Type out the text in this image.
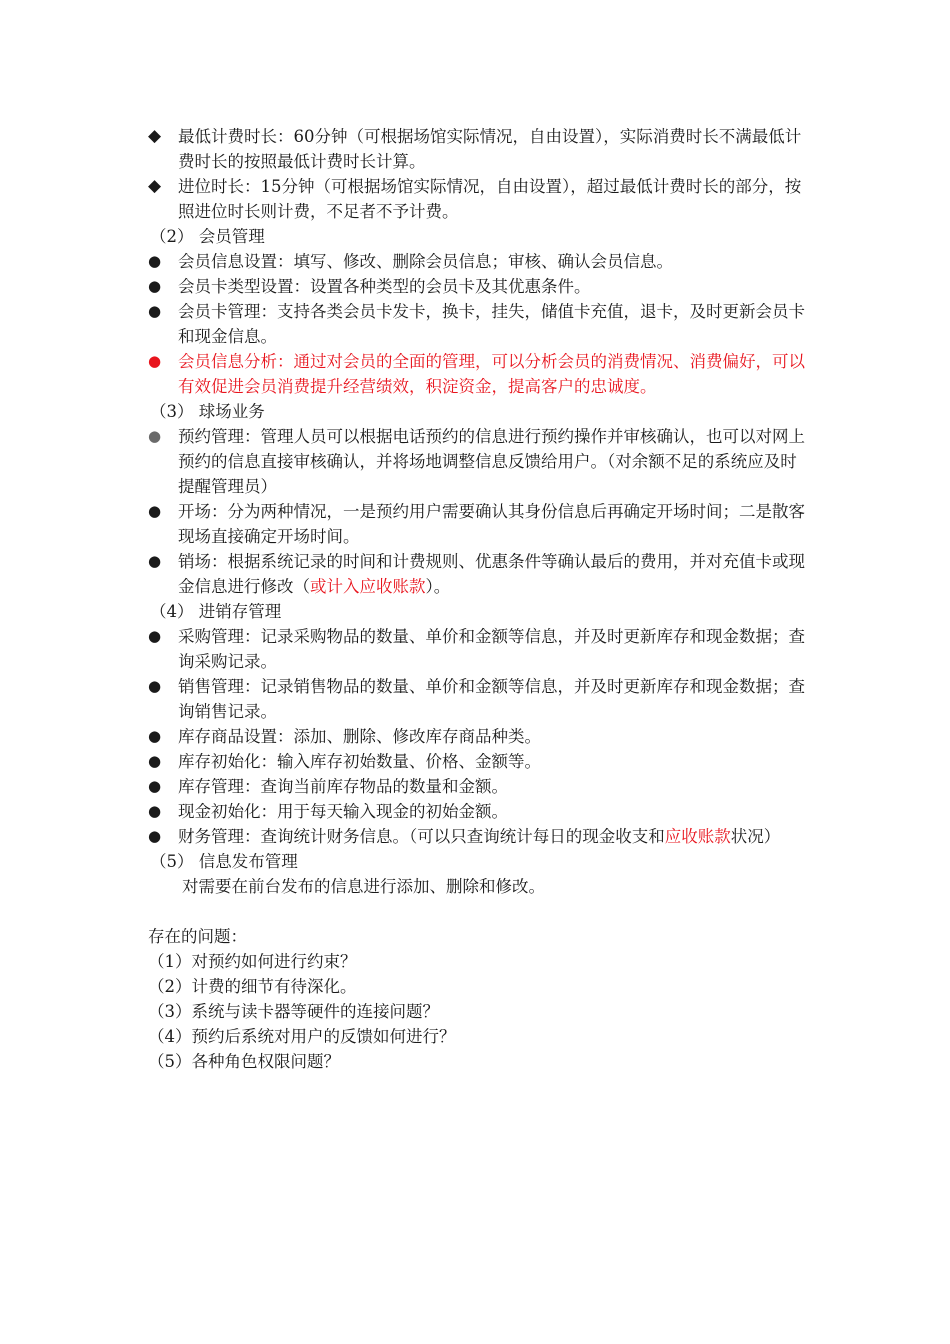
◆	最低计费时长：60分钟（可根据场馆实际情况，自由设置），实际消费时长不满最低计费时长的按照最低计费时长计算。

◆	进位时长：15分钟（可根据场馆实际情况，自由设置），超过最低计费时长的部分，按照进位时长则计费，不足者不予计费。

（2） 会员管理

●	会员信息设置：填写、修改、删除会员信息；审核、确认会员信息。

●	会员卡类型设置：设置各种类型的会员卡及其优惠条件。

●	会员卡管理：支持各类会员卡发卡，换卡，挂失，储值卡充值，退卡，及时更新会员卡和现金信息。

●	会员信息分析：通过对会员的全面的管理，可以分析会员的消费情况、消费偏好，可以有效促进会员消费提升经营绩效，积淀资金，提高客户的忠诚度。

（3） 球场业务

●	预约管理：管理人员可以根据电话预约的信息进行预约操作并审核确认，也可以对网上预约的信息直接审核确认，并将场地调整信息反馈给用户。（对余额不足的系统应及时提醒管理员）

●	开场：分为两种情况，一是预约用户需要确认其身份信息后再确定开场时间；二是散客现场直接确定开场时间。

●	销场：根据系统记录的时间和计费规则、优惠条件等确认最后的费用，并对充值卡或现金信息进行修改（或计入应收账款）。

（4） 进销存管理

●	采购管理：记录采购物品的数量、单价和金额等信息，并及时更新库存和现金数据；查询采购记录。

●	销售管理：记录销售物品的数量、单价和金额等信息，并及时更新库存和现金数据；查询销售记录。

●	库存商品设置：添加、删除、修改库存商品种类。

●	库存初始化：输入库存初始数量、价格、金额等。

●	库存管理：查询当前库存物品的数量和金额。

●	现金初始化：用于每天输入现金的初始金额。

●	财务管理：查询统计财务信息。（可以只查询统计每日的现金收支和应收账款状况）

（5） 信息发布管理

对需要在前台发布的信息进行添加、删除和修改。

存在的问题：

（1）对预约如何进行约束？

（2）计费的细节有待深化。

（3）系统与读卡器等硬件的连接问题？

（4）预约后系统对用户的反馈如何进行？

（5）各种角色权限问题？
